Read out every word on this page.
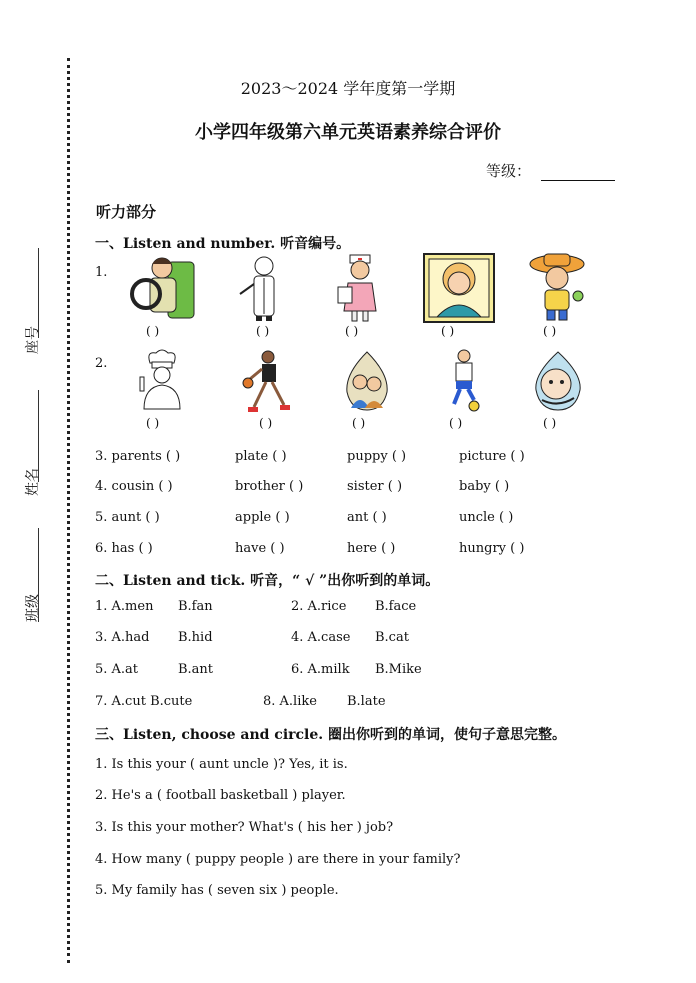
座号
姓名
班级
2023～2024 学年度第一学期
小学四年级第六单元英语素养综合评价
等级：
听力部分
一、Listen and number. 听音编号。
1.
2.
( )	( )	( )	( )	( )
( )	( )	( )	( )	( )
3. parents ( )	plate ( )	puppy ( )	picture ( )
4. cousin ( )	brother ( )	sister ( )	baby ( )
5. aunt ( )	apple ( )	ant ( )	uncle ( )
6. has ( )	have ( )	here ( )	hungry ( )
二、Listen and tick. 听音，“ √ ”出你听到的单词。
1. A.men B.fan	2. A.rice B.face
3. A.had B.hid	4. A.case B.cat
5. A.at	B.ant	6. A.milk B.Mike
7. A.cut B.cute	8. A.like B.late
三、Listen, choose and circle. 圈出你听到的单词，使句子意思完整。
1. Is this your ( aunt uncle )? Yes, it is.
2. He's a ( football basketball ) player.
3. Is this your mother? What's ( his her ) job?
4. How many ( puppy people ) are there in your family?
5. My family has ( seven six ) people.
